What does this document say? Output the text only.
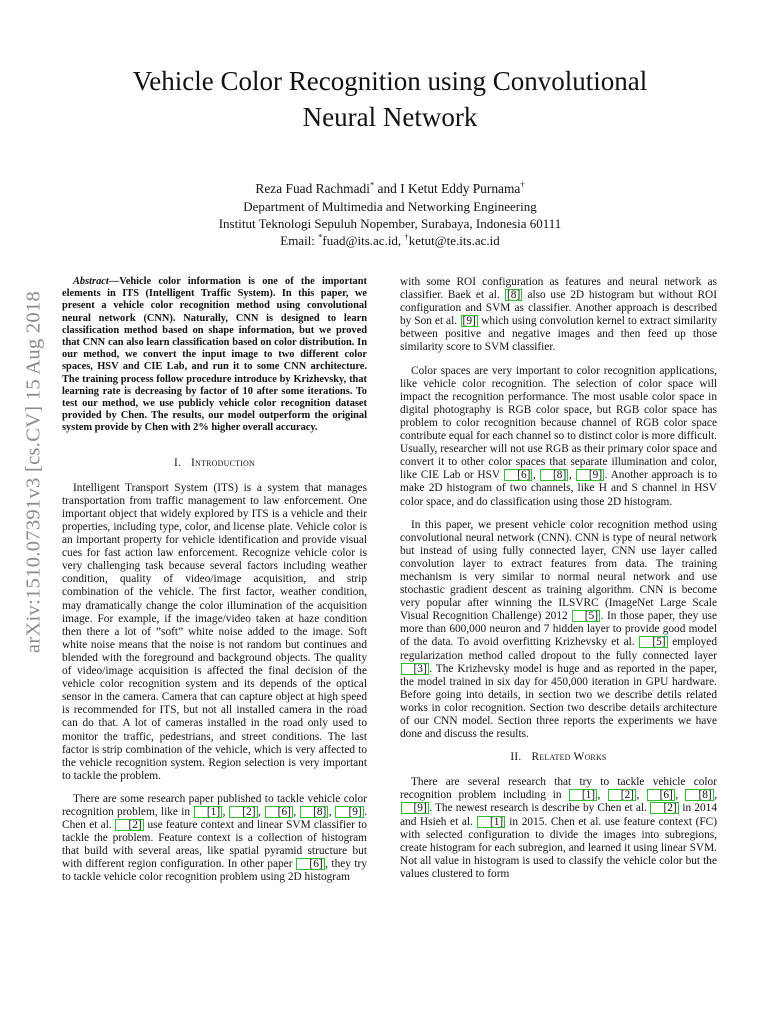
arXiv:1510.07391v3 [cs.CV] 15 Aug 2018
Vehicle Color Recognition using Convolutional
Neural Network
Reza Fuad Rachmadi* and I Ketut Eddy Purnama†
Department of Multimedia and Networking Engineering
Institut Teknologi Sepuluh Nopember, Surabaya, Indonesia 60111
Email: *fuad@its.ac.id, †ketut@te.its.ac.id

Abstract—Vehicle color information is one of the important elements in ITS (Intelligent Traffic System). In this paper, we present a vehicle color recognition method using convolutional neural network (CNN). Naturally, CNN is designed to learn classification method based on shape information, but we proved that CNN can also learn classification based on color distribution. In our method, we convert the input image to two different color spaces, HSV and CIE Lab, and run it to some CNN architecture. The training process follow procedure introduce by Krizhevsky, that learning rate is decreasing by factor of 10 after some iterations. To test our method, we use publicly vehicle color recognition dataset provided by Chen. The results, our model outperform the original system provide by Chen with 2% higher overall accuracy.

I. Introduction

Intelligent Transport System (ITS) is a system that manages transportation from traffic management to law enforcement. One important object that widely explored by ITS is a vehicle and their properties, including type, color, and license plate. Vehicle color is an important property for vehicle identification and provide visual cues for fast action law enforcement. Recognize vehicle color is very challenging task because several factors including weather condition, quality of video/image acquisition, and strip combination of the vehicle. The first factor, weather condition, may dramatically change the color illumination of the acquisition image. For example, if the image/video taken at haze condition then there a lot of ”soft” white noise added to the image. Soft white noise means that the noise is not random but continues and blended with the foreground and background objects. The quality of video/image acquisition is affected the final decision of the vehicle color recognition system and its depends of the optical sensor in the camera. Camera that can capture object at high speed is recommended for ITS, but not all installed camera in the road can do that. A lot of cameras installed in the road only used to monitor the traffic, pedestrians, and street conditions. The last factor is strip combination of the vehicle, which is very affected to the vehicle recognition system. Region selection is very important to tackle the problem.

There are some research paper published to tackle vehicle color recognition problem, like in [1] , [2] , [6] , [8] , [9] . Chen et al. [2] use feature context and linear SVM classifier to tackle the problem. Feature context is a collection of histogram that build with several areas, like spatial pyramid structure but with different region configuration. In other paper [6] , they try to tackle vehicle color recognition problem using 2D histogram

with some ROI configuration as features and neural network as classifier. Baek et al. [8] also use 2D histogram but without ROI configuration and SVM as classifier. Another approach is described by Son et al. [9] which using convolution kernel to extract similarity between positive and negative images and then feed up those similarity score to SVM classifier.

Color spaces are very important to color recognition applications, like vehicle color recognition. The selection of color space will impact the recognition performance. The most usable color space in digital photography is RGB color space, but RGB color space has problem to color recognition because channel of RGB color space contribute equal for each channel so to distinct color is more difficult. Usually, researcher will not use RGB as their primary color space and convert it to other color spaces that separate illumination and color, like CIE Lab or HSV [6] , [8] , [9] . Another approach is to make 2D histogram of two channels, like H and S channel in HSV color space, and do classification using those 2D histogram.

In this paper, we present vehicle color recognition method using convolutional neural network (CNN). CNN is type of neural network but instead of using fully connected layer, CNN use layer called convolution layer to extract features from data. The training mechanism is very similar to normal neural network and use stochastic gradient descent as training algorithm. CNN is become very popular after winning the ILSVRC (ImageNet Large Scale Visual Recognition Challenge) 2012 [5] . In those paper, they use more than 600,000 neuron and 7 hidden layer to provide good model of the data. To avoid overfitting Krizhevsky et al. [5] employed regularization method called dropout to the fully connected layer [3] . The Krizhevsky model is huge and as reported in the paper, the model trained in six day for 450,000 iteration in GPU hardware. Before going into details, in section two we describe detils related works in color recognition. Section two describe details architecture of our CNN model. Section three reports the experiments we have done and discuss the results.

II. Related Works

There are several research that try to tackle vehicle color recognition problem including in [1] , [2] , [6] , [8] , [9] . The newest research is describe by Chen et al. [2] in 2014 and Hsieh et al. [1] in 2015. Chen et al. use feature context (FC) with selected configuration to divide the images into subregions, create histogram for each subregion, and learned it using linear SVM. Not all value in histogram is used to classify the vehicle color but the values clustered to form
